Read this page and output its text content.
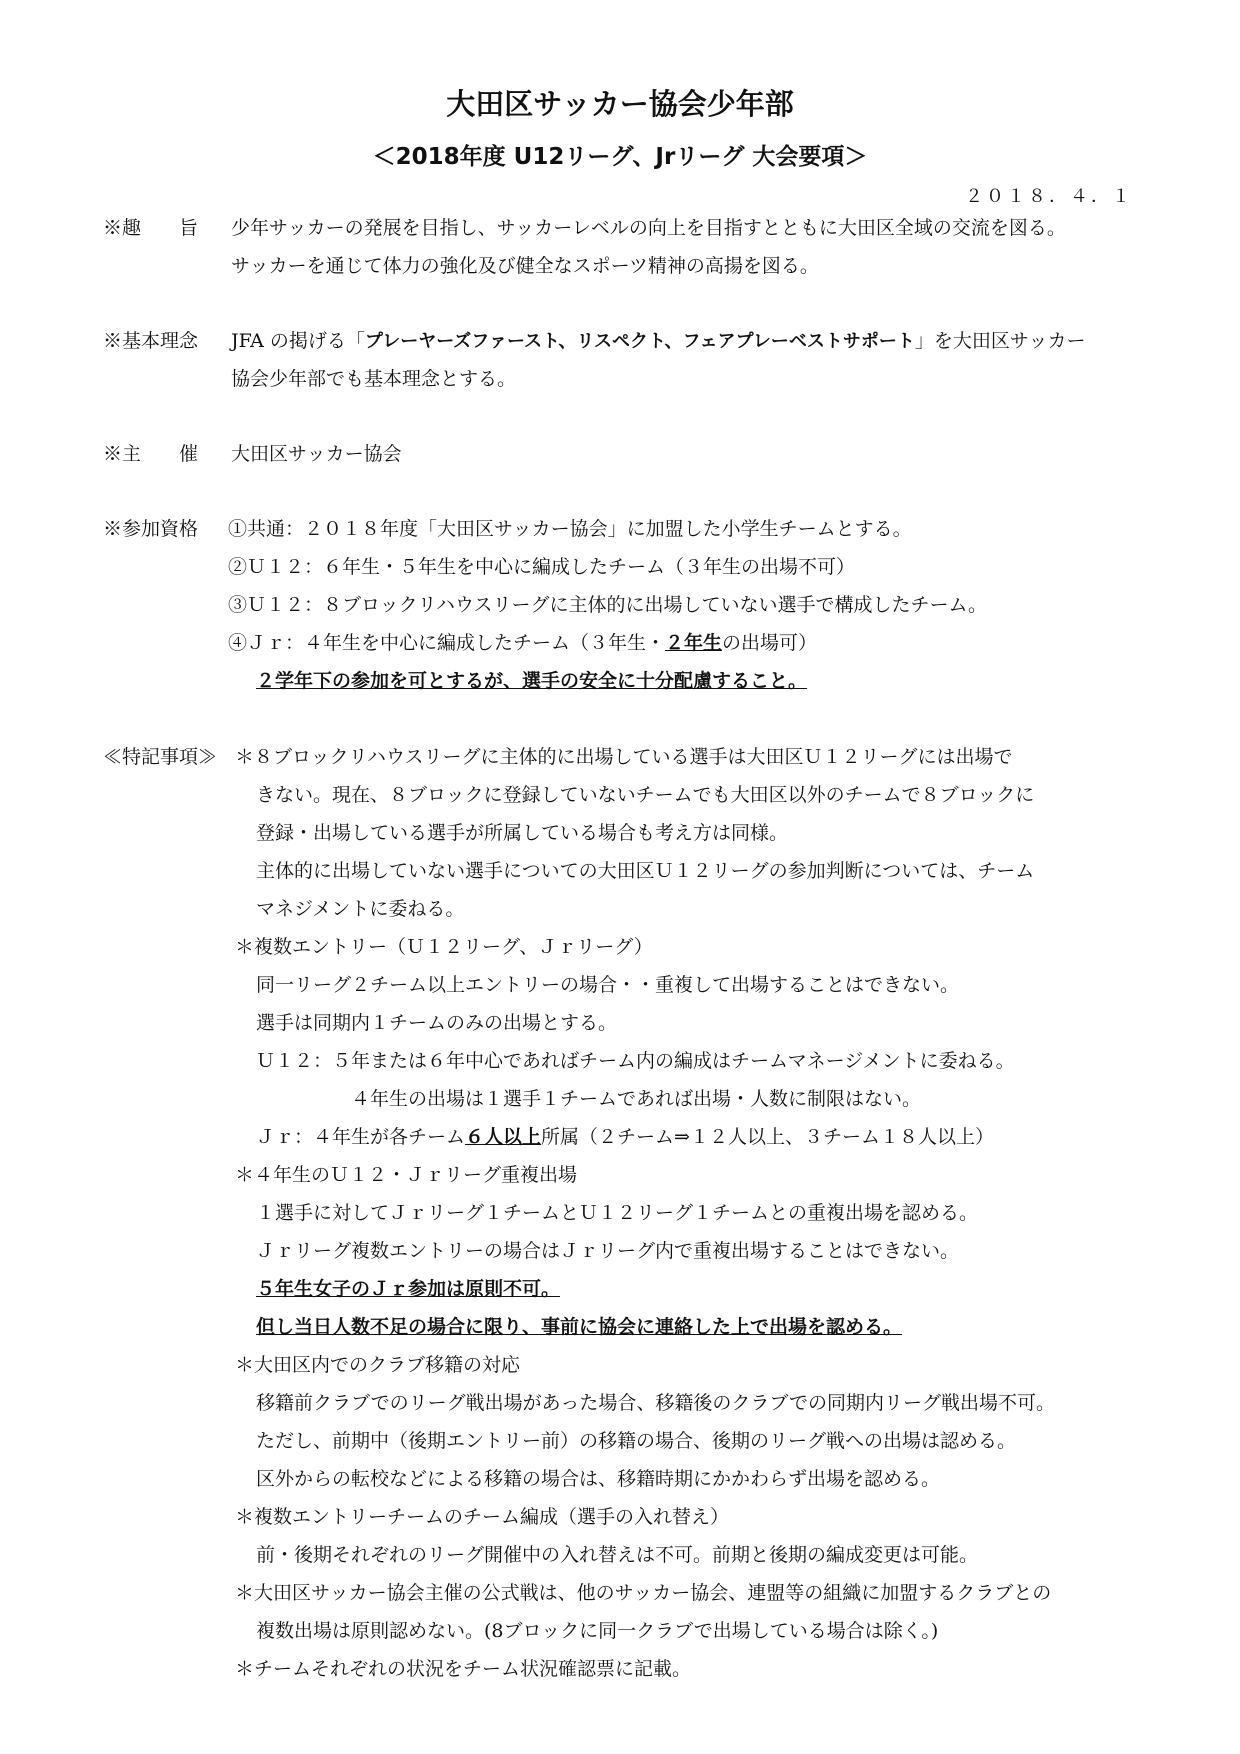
大田区サッカー協会少年部
＜2018年度 U12リーグ、Jrリーグ 大会要項＞
２０１８．４．１
※趣　　旨 少年サッカーの発展を目指し、サッカーレベルの向上を目指すとともに大田区全域の交流を図る。
サッカーを通じて体力の強化及び健全なスポーツ精神の高揚を図る。
※基本理念 JFA の掲げる「プレーヤーズファースト、リスペクト、フェアプレーベストサポート」を大田区サッカー
協会少年部でも基本理念とする。
※主　　催 大田区サッカー協会
※参加資格 ①共通：２０１８年度「大田区サッカー協会」に加盟した小学生チームとする。
②Ｕ１２：６年生・５年生を中心に編成したチーム（３年生の出場不可）
③Ｕ１２：８ブロックリハウスリーグに主体的に出場していない選手で構成したチーム。
④Ｊｒ：４年生を中心に編成したチーム（３年生・２年生の出場可）
２学年下の参加を可とするが、選手の安全に十分配慮すること。
≪特記事項≫ ＊８ブロックリハウスリーグに主体的に出場している選手は大田区Ｕ１２リーグには出場で
きない。現在、８ブロックに登録していないチームでも大田区以外のチームで８ブロックに
登録・出場している選手が所属している場合も考え方は同様。
主体的に出場していない選手についての大田区Ｕ１２リーグの参加判断については、チーム
マネジメントに委ねる。
＊複数エントリー（Ｕ１２リーグ、Ｊｒリーグ）
同一リーグ２チーム以上エントリーの場合・・重複して出場することはできない。
選手は同期内１チームのみの出場とする。
Ｕ１２：５年または６年中心であればチーム内の編成はチームマネージメントに委ねる。
４年生の出場は１選手１チームであれば出場・人数に制限はない。
Ｊｒ：４年生が各チーム６人以上所属（２チーム⇒１２人以上、３チーム１８人以上）
＊４年生のＵ１２・Ｊｒリーグ重複出場
１選手に対してＪｒリーグ１チームとＵ１２リーグ１チームとの重複出場を認める。
Ｊｒリーグ複数エントリーの場合はＪｒリーグ内で重複出場することはできない。
５年生女子のＪｒ参加は原則不可。
但し当日人数不足の場合に限り、事前に協会に連絡した上で出場を認める。
＊大田区内でのクラブ移籍の対応
移籍前クラブでのリーグ戦出場があった場合、移籍後のクラブでの同期内リーグ戦出場不可。
ただし、前期中（後期エントリー前）の移籍の場合、後期のリーグ戦への出場は認める。
区外からの転校などによる移籍の場合は、移籍時期にかかわらず出場を認める。
＊複数エントリーチームのチーム編成（選手の入れ替え）
前・後期それぞれのリーグ開催中の入れ替えは不可。前期と後期の編成変更は可能。
＊大田区サッカー協会主催の公式戦は、他のサッカー協会、連盟等の組織に加盟するクラブとの
複数出場は原則認めない。(8ブロックに同一クラブで出場している場合は除く。)
＊チームそれぞれの状況をチーム状況確認票に記載。
